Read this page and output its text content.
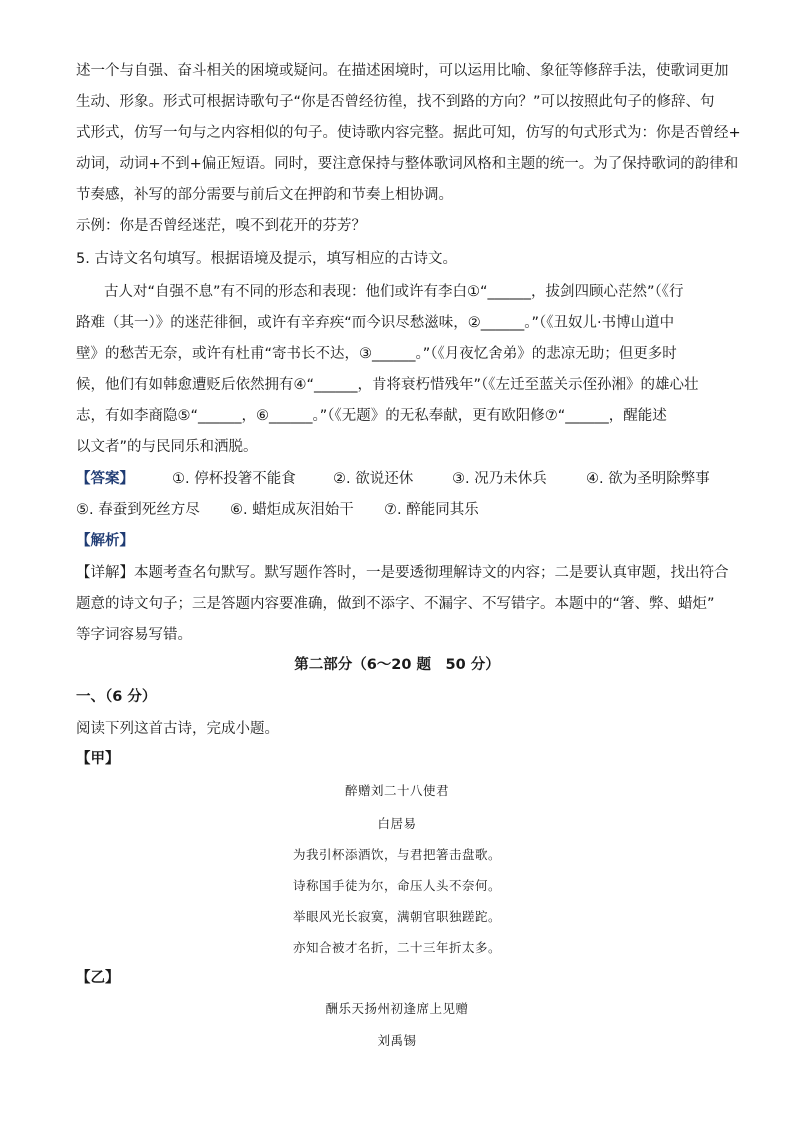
述一个与自强、奋斗相关的困境或疑问。在描述困境时，可以运用比喻、象征等修辞手法，使歌词更加
生动、形象。形式可根据诗歌句子“你是否曾经彷徨，找不到路的方向？”可以按照此句子的修辞、句
式形式，仿写一句与之内容相似的句子。使诗歌内容完整。据此可知，仿写的句式形式为：你是否曾经+
动词，动词+不到+偏正短语。同时，要注意保持与整体歌词风格和主题的统一。为了保持歌词的韵律和
节奏感，补写的部分需要与前后文在押韵和节奏上相协调。
示例：你是否曾经迷茫，嗅不到花开的芬芳？
5. 古诗文名句填写。根据语境及提示，填写相应的古诗文。
古人对“自强不息”有不同的形态和表现：他们或许有李白①“______，拔剑四顾心茫然”（《行
路难（其一）》的迷茫徘徊，或许有辛弃疾“而今识尽愁滋味，②______。”（《丑奴儿·书博山道中
壁》的愁苦无奈，或许有杜甫“寄书长不达，③______。”（《月夜忆舍弟》的悲凉无助；但更多时
候，他们有如韩愈遭贬后依然拥有④“______，肯将衰朽惜残年”（《左迁至蓝关示侄孙湘》的雄心壮
志，有如李商隐⑤“______，⑥______。”（《无题》的无私奉献，更有欧阳修⑦“______，醒能述
以文者”的与民同乐和洒脱。
【答案】	①. 停杯投箸不能食	②. 欲说还休	③. 况乃未休兵	④. 欲为圣明除弊事
⑤. 春蚕到死丝方尽 ⑥. 蜡炬成灰泪始干 ⑦. 醉能同其乐
【解析】
【详解】本题考查名句默写。默写题作答时，一是要透彻理解诗文的内容；二是要认真审题，找出符合
题意的诗文句子；三是答题内容要准确，做到不添字、不漏字、不写错字。本题中的“箸、弊、蜡炬”
等字词容易写错。
第二部分（6～20 题　50 分）
一、（6 分）
阅读下列这首古诗，完成小题。
【甲】
醉赠刘二十八使君
白居易
为我引杯添酒饮，与君把箸击盘歌。
诗称国手徒为尔，命压人头不奈何。
举眼风光长寂寞，满朝官职独蹉跎。
亦知合被才名折，二十三年折太多。
【乙】
酬乐天扬州初逢席上见赠
刘禹锡
